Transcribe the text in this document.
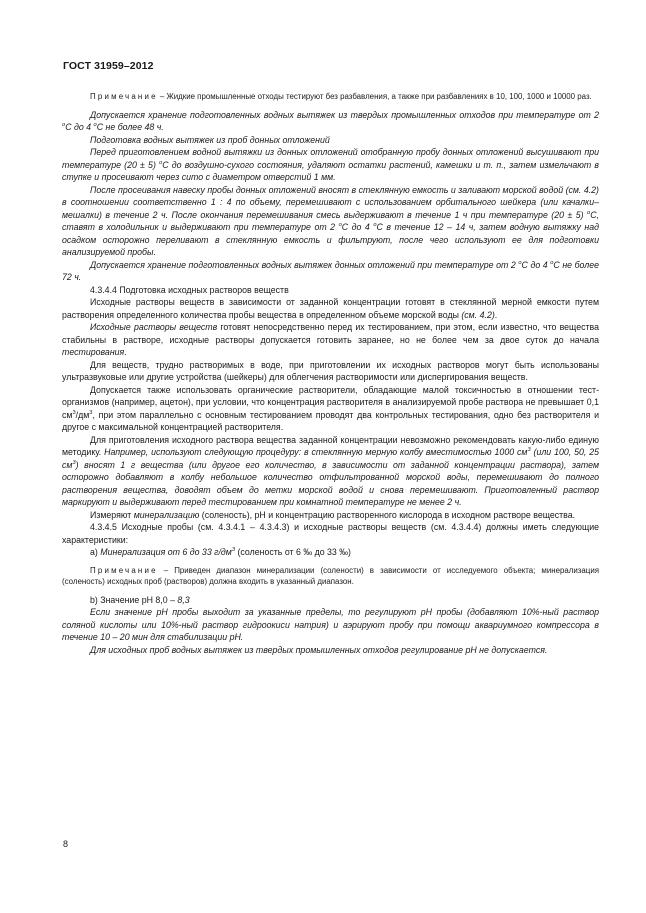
ГОСТ 31959–2012

Примечание – Жидкие промышленные отходы тестируют без разбавления, а также при разбавлениях в 10, 100, 1000 и 10000 раз.

Допускается хранение подготовленных водных вытяжек из твердых промышленных отходов при температуре от 2 $^о$С до 4 $^о$С не более 48 ч.

Подготовка водных вытяжек из проб донных отложений

Перед приготовлением водной вытяжки из донных отложений отобранную пробу донных отложений высушивают при температуре (20 ± 5) $^о$С до воздушно-сухого состояния, удаляют остатки растений, камешки и т. п., затем измельчают в ступке и просеивают через сито с диаметром отверстий 1 мм.

После просеивания навеску пробы донных отложений вносят в стеклянную емкость и заливают морской водой (см. 4.2) в соотношении соответственно 1 : 4 по объему, перемешивают с использованием орбитального шейкера (или качалки–мешалки) в течение 2 ч. После окончания перемешивания смесь выдерживают в течение 1 ч при температуре (20 ± 5) $^о$С, ставят в холодильник и выдерживают при температуре от 2 $^о$С до 4 $^о$С в течение 12 – 14 ч, затем водную вытяжку над осадком осторожно переливают в стеклянную емкость и фильтруют, после чего используют ее для подготовки анализируемой пробы.

Допускается хранение подготовленных водных вытяжек донных отложений при температуре от 2 $^о$С до 4 $^о$С не более 72 ч.

4.3.4.4 Подготовка исходных растворов веществ

Исходные растворы веществ в зависимости от заданной концентрации готовят в стеклянной мерной емкости путем растворения определенного количества пробы вещества в определенном объеме морской воды (см. 4.2).

Исходные растворы веществ готовят непосредственно перед их тестированием, при этом, если известно, что вещества стабильны в растворе, исходные растворы допускается готовить заранее, но не более чем за двое суток до начала тестирования.

Для веществ, трудно растворимых в воде, при приготовлении их исходных растворов могут быть использованы ультразвуковые или другие устройства (шейкеры) для облегчения растворимости или диспергирования веществ.

Допускается также использовать органические растворители, обладающие малой токсичностью в отношении тест-организмов (например, ацетон), при условии, что концентрация растворителя в анализируемой пробе раствора не превышает 0,1 $см^3/дм^3$, при этом параллельно с основным тестированием проводят два контрольных тестирования, одно без растворителя и другое с максимальной концентрацией растворителя.

Для приготовления исходного раствора вещества заданной концентрации невозможно рекомендовать какую-либо единую методику. Например, используют следующую процедуру: в стеклянную мерную колбу вместимостью 1000 $см^3$ (или 100, 50, 25 $см^3$) вносят 1 г вещества (или другое его количество, в зависимости от заданной концентрации раствора), затем осторожно добавляют в колбу небольшое количество отфильтрованной морской воды, перемешивают до полного растворения вещества, доводят объем до метки морской водой и снова перемешивают. Приготовленный раствор маркируют и выдерживают перед тестированием при комнатной температуре не менее 2 ч.

Измеряют минерализацию (соленость), pH и концентрацию растворенного кислорода в исходном растворе вещества.

4.3.4.5 Исходные пробы (см. 4.3.4.1 – 4.3.4.3) и исходные растворы веществ (см. 4.3.4.4) должны иметь следующие характеристики:

a) Минерализация от 6 до 33 $г/дм^3$ (соленость от 6 ‰ до 33 ‰)

Примечание – Приведен диапазон минерализации (солености) в зависимости от исследуемого объекта; минерализация (соленость) исходных проб (растворов) должна входить в указанный диапазон.

b) Значение pH 8,0 – 8,3

Если значение pH пробы выходит за указанные пределы, то регулируют pH пробы (добавляют 10%-ный раствор соляной кислоты или 10%-ный раствор гидроокиси натрия) и аэрируют пробу при помощи аквариумного компрессора в течение 10 – 20 мин для стабилизации pH.

Для исходных проб водных вытяжек из твердых промышленных отходов регулирование pH не допускается.

8
